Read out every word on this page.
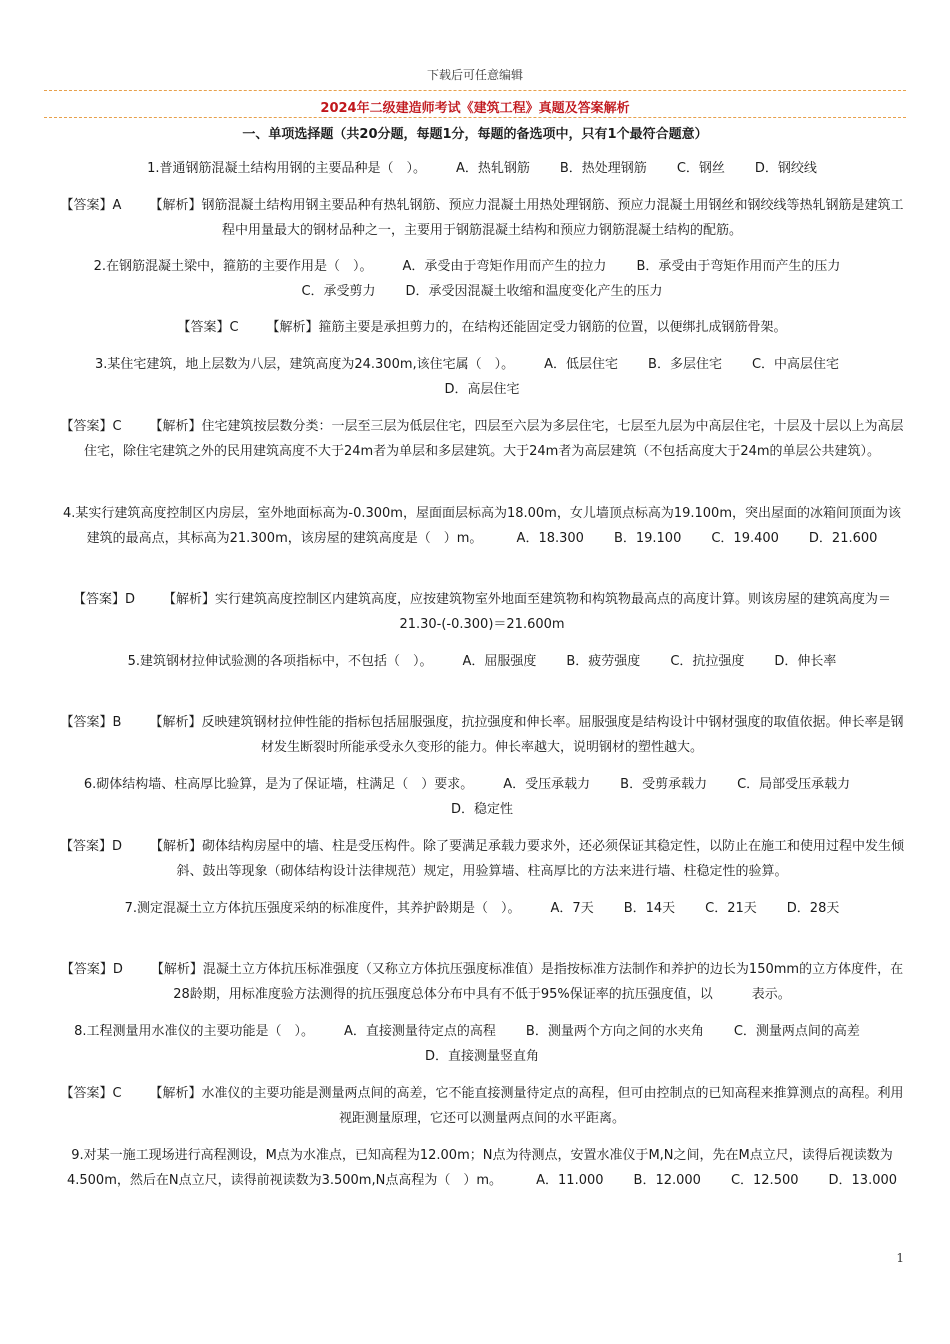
下载后可任意编辑
2024年二级建造师考试《建筑工程》真题及答案解析
一、单项选择题（共20分题，每题1分，每题的备选项中，只有1个最符合题意）
1.普通钢筋混凝土结构用钢的主要品种是（　）。 A．热轧钢筋 B．热处理钢筋 C．钢丝 D．钢绞线
【答案】A 【解析】钢筋混凝土结构用钢主要品种有热轧钢筋、预应力混凝土用热处理钢筋、预应力混凝土用钢丝和钢绞线等热轧钢筋是建筑工程中用量最大的钢材品种之一，主要用于钢筋混凝土结构和预应力钢筋混凝土结构的配筋。
2.在钢筋混凝土梁中，箍筋的主要作用是（　）。 A．承受由于弯矩作用而产生的拉力 B．承受由于弯矩作用而产生的压力C．承受剪力 D．承受因混凝土收缩和温度变化产生的压力
【答案】C 【解析】箍筋主要是承担剪力的，在结构还能固定受力钢筋的位置，以便绑扎成钢筋骨架。
3.某住宅建筑，地上层数为八层，建筑高度为24.300m,该住宅属（　）。 A．低层住宅 B．多层住宅 C．中高层住宅D．高层住宅
【答案】C 【解析】住宅建筑按层数分类：一层至三层为低层住宅，四层至六层为多层住宅，七层至九层为中高层住宅，十层及十层以上为高层住宅，除住宅建筑之外的民用建筑高度不大于24m者为单层和多层建筑。大于24m者为高层建筑（不包括高度大于24m的单层公共建筑）。
4.某实行建筑高度控制区内房层，室外地面标高为-0.300m，屋面面层标高为18.00m，女儿墙顶点标高为19.100m，突出屋面的冰箱间顶面为该建筑的最高点，其标高为21.300m，该房屋的建筑高度是（　）m。	A．18.300 B．19.100 C．19.400 D．21.600
【答案】D 【解析】实行建筑高度控制区内建筑高度，应按建筑物室外地面至建筑物和构筑物最高点的高度计算。则该房屋的建筑高度为＝21.30-(-0.300)＝21.600m
5.建筑钢材拉伸试验测的各项指标中，不包括（　）。 A．屈服强度 B．疲劳强度 C．抗拉强度 D．伸长率
【答案】B 【解析】反映建筑钢材拉伸性能的指标包括屈服强度，抗拉强度和伸长率。屈服强度是结构设计中钢材强度的取值依据。伸长率是钢材发生断裂时所能承受永久变形的能力。伸长率越大，说明钢材的塑性越大。
6.砌体结构墙、柱高厚比验算，是为了保证墙，柱满足（　）要求。 A．受压承载力 B．受剪承载力 C．局部受压承载力D．稳定性
【答案】D 【解析】砌体结构房屋中的墙、柱是受压构件。除了要满足承载力要求外，还必须保证其稳定性，以防止在施工和使用过程中发生倾斜、鼓出等现象（砌体结构设计法律规范）规定，用验算墙、柱高厚比的方法来进行墙、柱稳定性的验算。
7.测定混凝土立方体抗压强度采纳的标准度件，其养护龄期是（　）。 A．7天 B．14天 C．21天 D．28天
【答案】D 【解析】混凝土立方体抗压标准强度（又称立方体抗压强度标准值）是指按标准方法制作和养护的边长为150mm的立方体度件，在28龄期，用标准度验方法测得的抗压强度总体分布中具有不低于95%保证率的抗压强度值，以　　　表示。
8.工程测量用水准仪的主要功能是（　）。 A．直接测量待定点的高程 B．测量两个方向之间的水夹角 C．测量两点间的高差D．直接测量竖直角
【答案】C 【解析】水准仪的主要功能是测量两点间的高差，它不能直接测量待定点的高程，但可由控制点的已知高程来推算测点的高程。利用视距测量原理，它还可以测量两点间的水平距离。
9.对某一施工现场进行高程测设，M点为水准点，已知高程为12.00m；N点为待测点，安置水准仪于M,N之间，先在M点立尺，读得后视读数为4.500m，然后在N点立尺，读得前视读数为3.500m,N点高程为（　）m。	A．11.000 B．12.000 C．12.500 D．13.000
1
